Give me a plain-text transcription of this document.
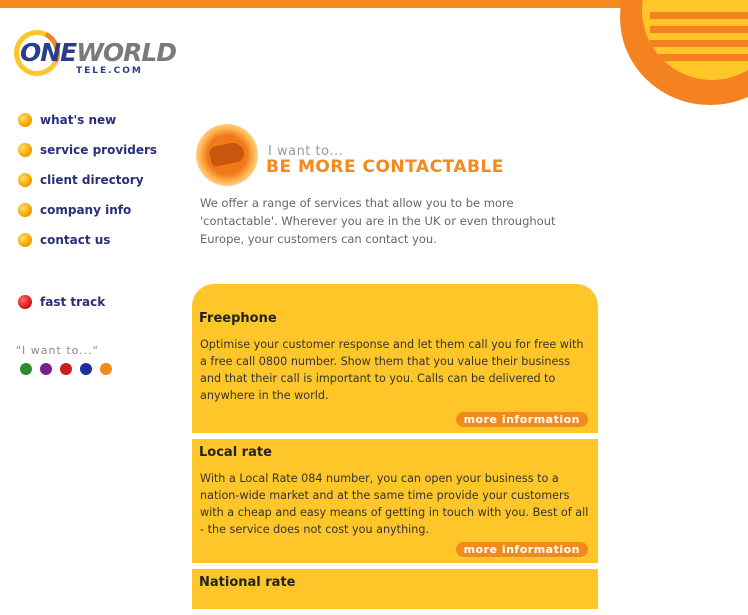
ONEWORLD
TELE.COM
what's new
service providers
client directory
company info
contact us
fast track
"I want to..."
I want to...
BE MORE CONTACTABLE
We offer a range of services that allow you to be more 'contactable'. Wherever you are in the UK or even throughout Europe, your customers can contact you.
Freephone

Optimise your customer response and let them call you for free with a free call 0800 number. Show them that you value their business and that their call is important to you. Calls can be delivered to anywhere in the world.

more information
Local rate

With a Local Rate 084 number, you can open your business to a nation-wide market and at the same time provide your customers with a cheap and easy means of getting in touch with you. Best of all - the service does not cost you anything.

more information
National rate
